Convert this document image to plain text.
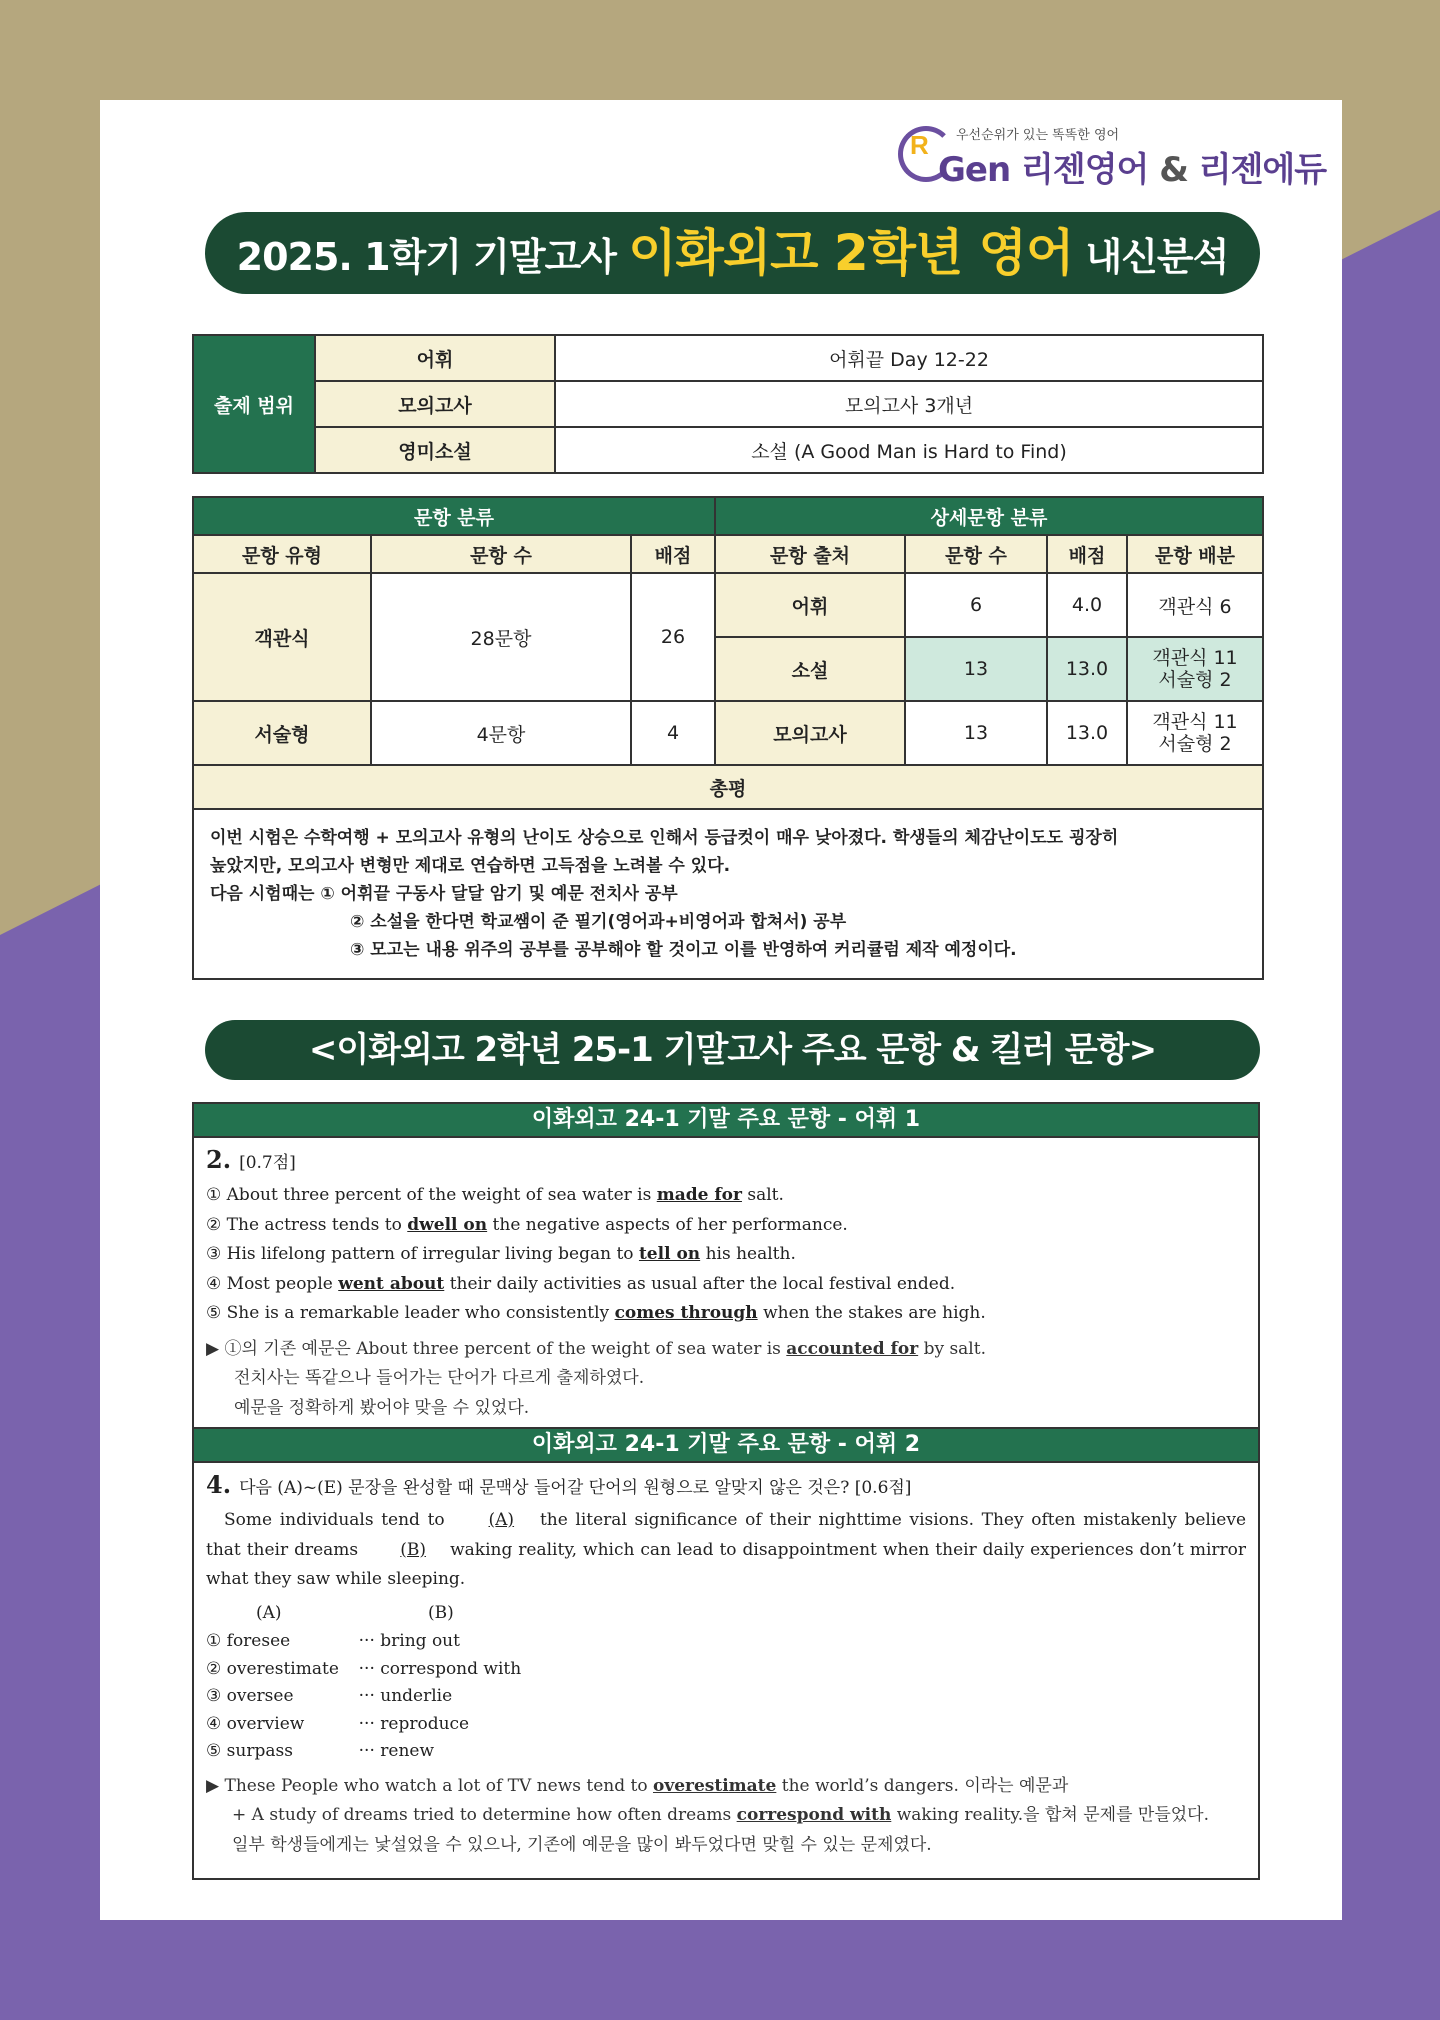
R 우선순위가 있는 똑똑한 영어
Gen 리젠영어 & 리젠에듀
2025. 1학기 기말고사 이화외고 2학년 영어 내신분석
출제 범위	어휘	어휘끝 Day 12-22
	모의고사	모의고사 3개년
	영미소설	소설 (A Good Man is Hard to Find)
문항 분류			상세문항 분류			
문항 유형	문항 수	배점	문항 출처	문항 수	배점	문항 배분
객관식	28문항	26	어휘	6	4.0	객관식 6
			소설	13	13.0	객관식 11
서술형 2

서술형	4문항	4	모의고사	13	13.0	객관식 11
서술형 2

총평						

이번 시험은 수학여행 + 모의고사 유형의 난이도 상승으로 인해서 등급컷이 매우 낮아졌다. 학생들의 체감난이도도 굉장히
높았지만, 모의고사 변형만 제대로 연습하면 고득점을 노려볼 수 있다.
다음 시험때는 ① 어휘끝 구동사 달달 암기 및 예문 전치사 공부
② 소설을 한다면 학교쌤이 준 필기(영어과+비영어과 합쳐서) 공부
③ 모고는 내용 위주의 공부를 공부해야 할 것이고 이를 반영하여 커리큘럼 제작 예정이다.						
<이화외고 2학년 25-1 기말고사 주요 문항 & 킬러 문항>
이화외고 24-1 기말 주요 문항 - 어휘 1
2. [0.7점]
① About three percent of the weight of sea water is made for salt.
② The actress tends to dwell on the negative aspects of her performance.
③ His lifelong pattern of irregular living began to tell on his health.
④ Most people went about their daily activities as usual after the local festival ended.
⑤ She is a remarkable leader who consistently comes through when the stakes are high.
▶ ①의 기존 예문은 About three percent of the weight of sea water is accounted for by salt.
전치사는 똑같으나 들어가는 단어가 다르게 출제하였다.
예문을 정확하게 봤어야 맞을 수 있었다.
이화외고 24-1 기말 주요 문항 - 어휘 2
4. 다음 (A)~(E) 문장을 완성할 때 문맥상 들어갈 단어의 원형으로 알맞지 않은 것은? [0.6점]
Some individuals tend to	(A) the literal significance of their nighttime visions. They often mistakenly believe that their dreams (B) waking reality, which can lead to disappointment when their daily experiences don’t mirror what they saw while sleeping.
(A)	(B)
① foresee	··· bring out
② overestimate ··· correspond with
③ oversee	··· underlie
④ overview	··· reproduce
⑤ surpass	··· renew
▶ These People who watch a lot of TV news tend to overestimate the world’s dangers. 이라는 예문과
+ A study of dreams tried to determine how often dreams correspond with waking reality.을 합쳐 문제를 만들었다.
일부 학생들에게는 낯설었을 수 있으나, 기존에 예문을 많이 봐두었다면 맞힐 수 있는 문제였다.
